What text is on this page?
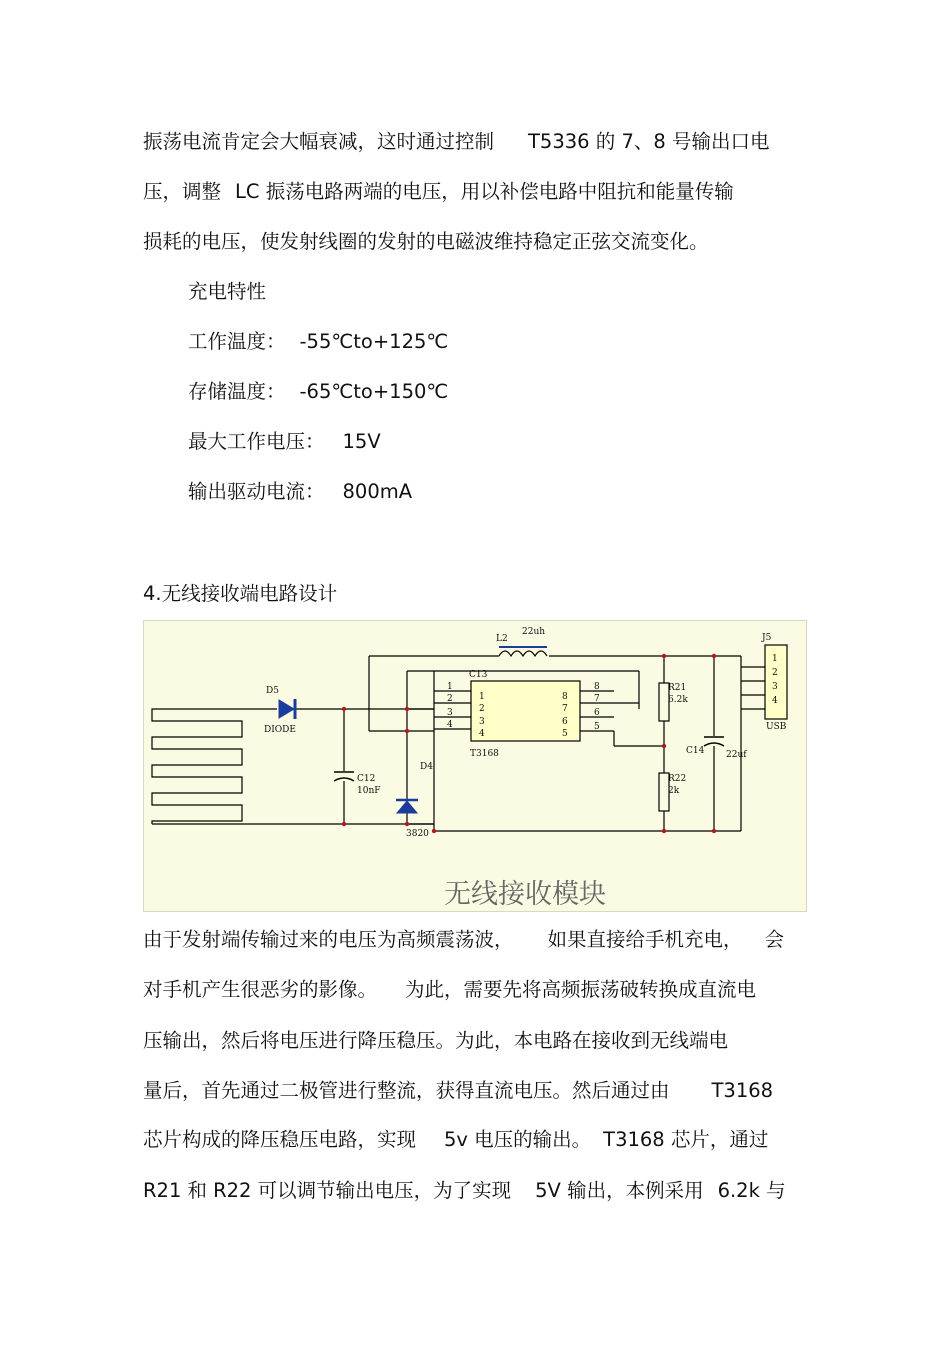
振荡电流肯定会大幅衰减，这时通过控制 T5336 的 7、8 号输出口电
压，调整 LC 振荡电路两端的电压，用以补偿电路中阻抗和能量传输
损耗的电压，使发射线圈的发射的电磁波维持稳定正弦交流变化。
充电特性
工作温度： -55℃to+125℃
存储温度： -65℃to+150℃
最大工作电压： 15V
输出驱动电流： 800mA
4.无线接收端电路设计
L2
22uh
J5
USB
1
2
3
4
D5
DIODE
C13
T3168
D4
3820
C12
10nF
R21
6.2k
R22
2k
C14 22uf
1
2
3
4
1
2
3
4
8
7
6
5
8
7
6
5
无线接收模块
由于发射端传输过来的电压为高频震荡波， 如果直接给手机充电， 会
对手机产生很恶劣的影像。 为此，需要先将高频振荡破转换成直流电
压输出，然后将电压进行降压稳压。为此，本电路在接收到无线端电
量后，首先通过二极管进行整流，获得直流电压。然后通过由 T3168
芯片构成的降压稳压电路，实现 5v 电压的输出。 T3168 芯片，通过
R21 和 R22 可以调节输出电压，为了实现 5V 输出，本例采用 6.2k 与
